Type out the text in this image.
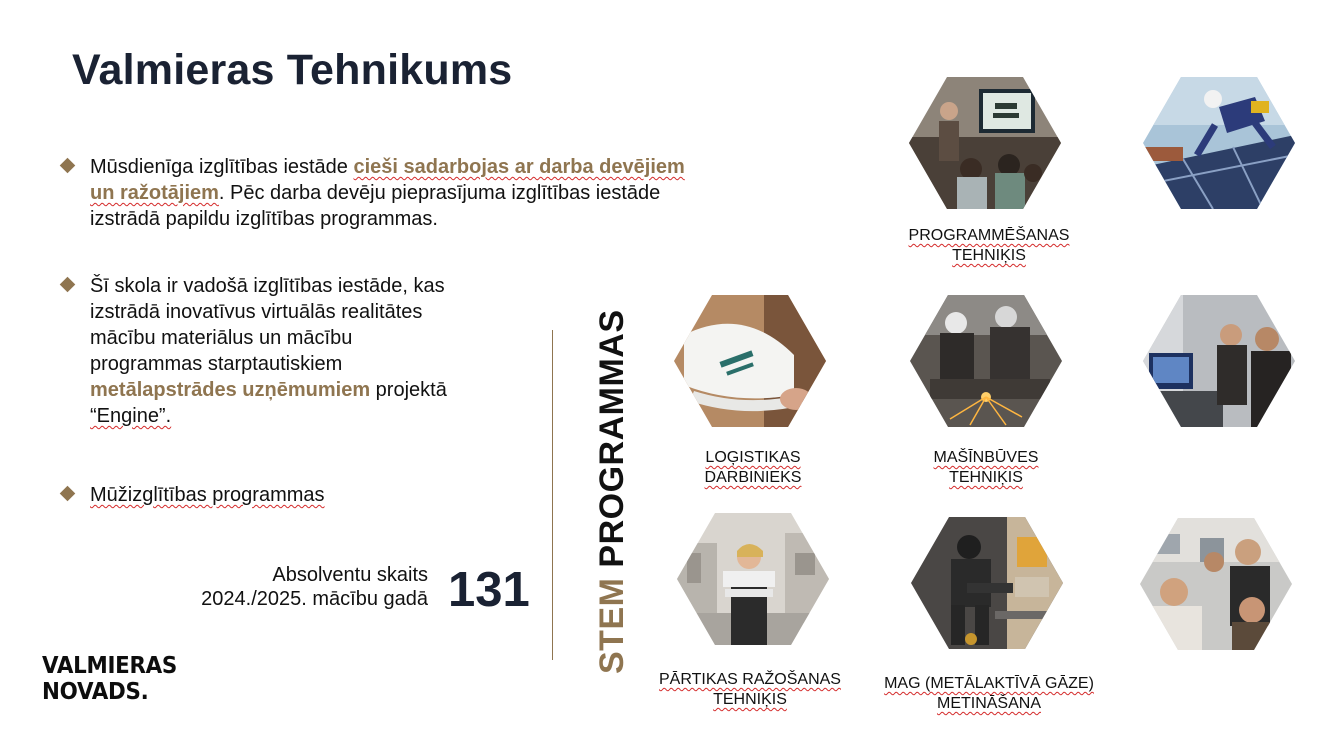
Valmieras Tehnikums
Mūsdienīga izglītības iestāde cieši sadarbojas ar darba devējiem
un ražotājiem. Pēc darba devēju pieprasījuma izglītības iestāde
izstrādā papildu izglītības programmas.
Šī skola ir vadošā izglītības iestāde, kas
izstrādā inovatīvus virtuālās realitātes
mācību materiālus un mācību
programmas starptautiskiem
metālapstrādes uzņēmumiem projektā
“Engine”.
Mūžizglītības programmas
Absolventu skaits
2024./2025. mācību gadā 131 STEM PROGRAMMAS
VALMIERAS
NOVADS.
PROGRAMMĒŠANAS
TEHNIĶIS
LOĢISTIKAS
DARBINIEKS
MAŠĪNBŪVES
TEHNIĶIS
PĀRTIKAS RAŽOŠANAS
TEHNIĶIS
MAG (METĀLAKTĪVĀ GĀZE)
METINĀŠANA
